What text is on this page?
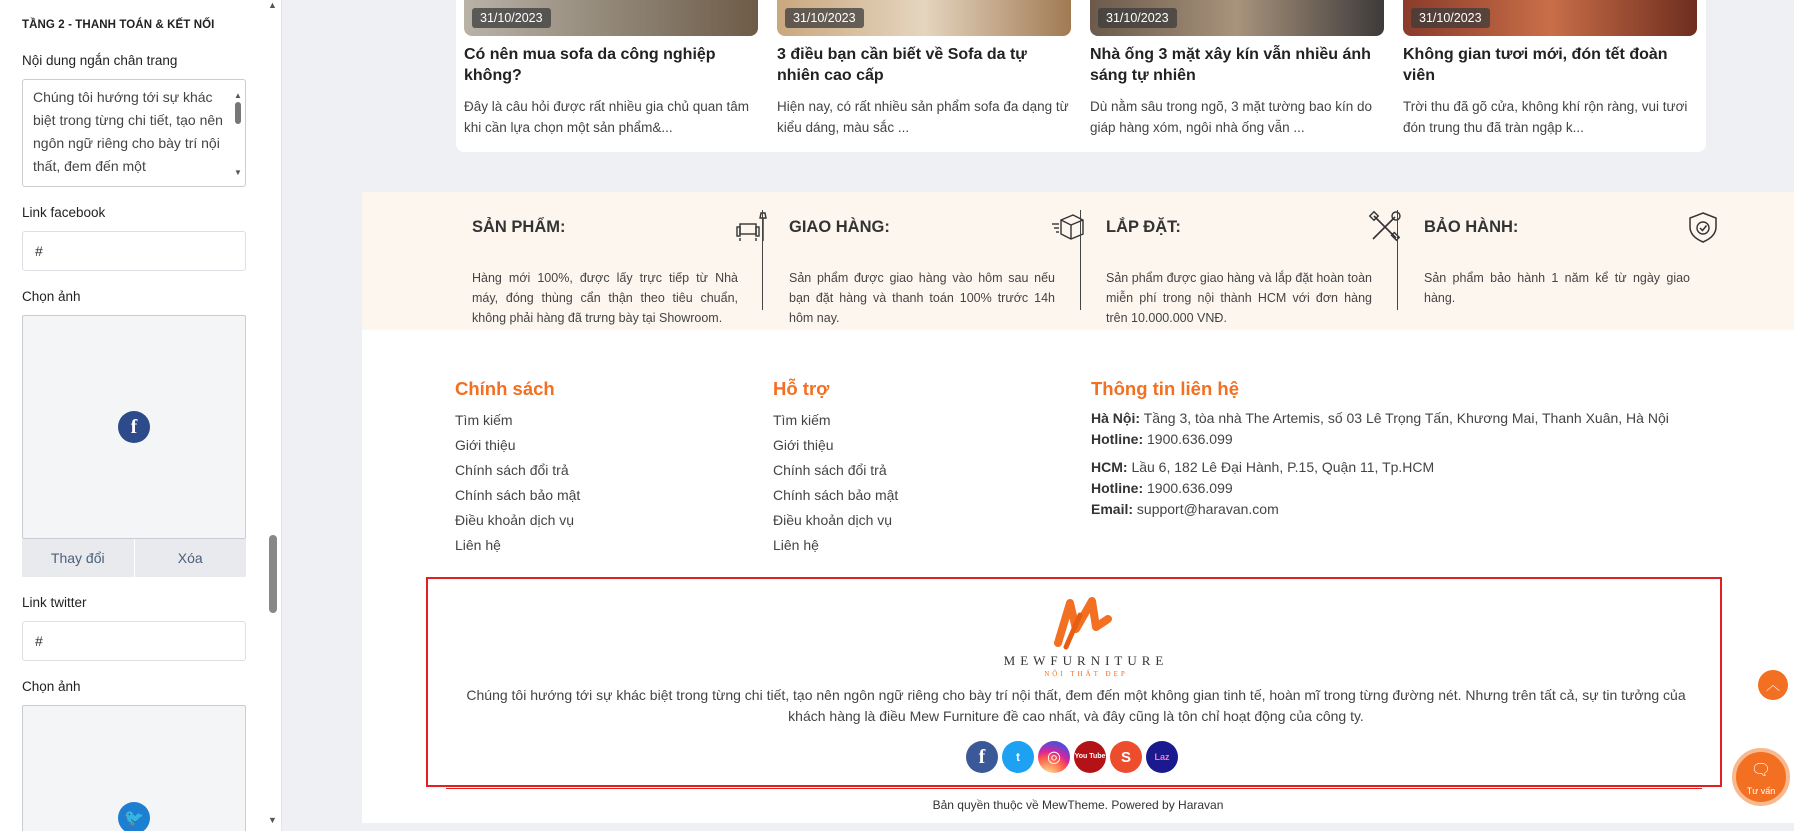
TẦNG 2 - THANH TOÁN & KẾT NỐI
Nội dung ngắn chân trang
Chúng tôi hướng tới sự khác biệt trong từng chi tiết, tạo nên ngôn ngữ riêng cho bày trí nội thất, đem đến một
▲
▼
Link facebook
#
Chọn ảnh
f
Thay đổi	Xóa
Link twitter
#
Chọn ảnh
🐦
▲
▼
31/10/2023
Có nên mua sofa da công nghiệp không?
Đây là câu hỏi được rất nhiều gia chủ quan tâm khi cần lựa chọn một sản phẩm&...
31/10/2023
3 điều bạn cần biết về Sofa da tự nhiên cao cấp
Hiện nay, có rất nhiều sản phẩm sofa đa dạng từ kiểu dáng, màu sắc ...
31/10/2023
Nhà ống 3 mặt xây kín vẫn nhiều ánh sáng tự nhiên
Dù nằm sâu trong ngõ, 3 mặt tường bao kín do giáp hàng xóm, ngôi nhà ống vẫn ...
31/10/2023
Không gian tươi mới, đón tết đoàn viên
Trời thu đã gõ cửa, không khí rộn ràng, vui tươi đón trung thu đã tràn ngập k...
SẢN PHẨM:
Hàng mới 100%, được lấy trực tiếp từ Nhà máy, đóng thùng cẩn thận theo tiêu chuẩn, không phải hàng đã trưng bày tại Showroom.
GIAO HÀNG:
Sản phẩm được giao hàng vào hôm sau nếu bạn đặt hàng và thanh toán 100% trước 14h hôm nay.
LẮP ĐẶT:
Sản phẩm được giao hàng và lắp đặt hoàn toàn miễn phí trong nội thành HCM với đơn hàng trên 10.000.000 VNĐ.
BẢO HÀNH:
Sản phẩm bảo hành 1 năm kể từ ngày giao hàng.
Chính sách
Tìm kiếm
Giới thiệu
Chính sách đổi trả
Chính sách bảo mật
Điều khoản dịch vụ
Liên hệ
Hỗ trợ
Tìm kiếm
Giới thiệu
Chính sách đổi trả
Chính sách bảo mật
Điều khoản dịch vụ
Liên hệ
Thông tin liên hệ
Hà Nội: Tầng 3, tòa nhà The Artemis, số 03 Lê Trọng Tấn, Khương Mai, Thanh Xuân, Hà Nội
Hotline: 1900.636.099
HCM: Lầu 6, 182 Lê Đại Hành, P.15, Quận 11, Tp.HCM
Hotline: 1900.636.099
Email: support@haravan.com
MEWFURNITURE
NỘI THẤT ĐẸP
Chúng tôi hướng tới sự khác biệt trong từng chi tiết, tạo nên ngôn ngữ riêng cho bày trí nội thất, đem đến một không gian tinh tế, hoàn mĩ trong từng đường nét. Nhưng trên tất cả, sự tin tưởng của khách hàng là điều Mew Furniture đề cao nhất, và đây cũng là tôn chỉ hoạt động của công ty.
f	t	◎	You Tube	S	Laz
Bản quyền thuộc về MewTheme. Powered by Haravan
︿
🗨
Tư vấn
